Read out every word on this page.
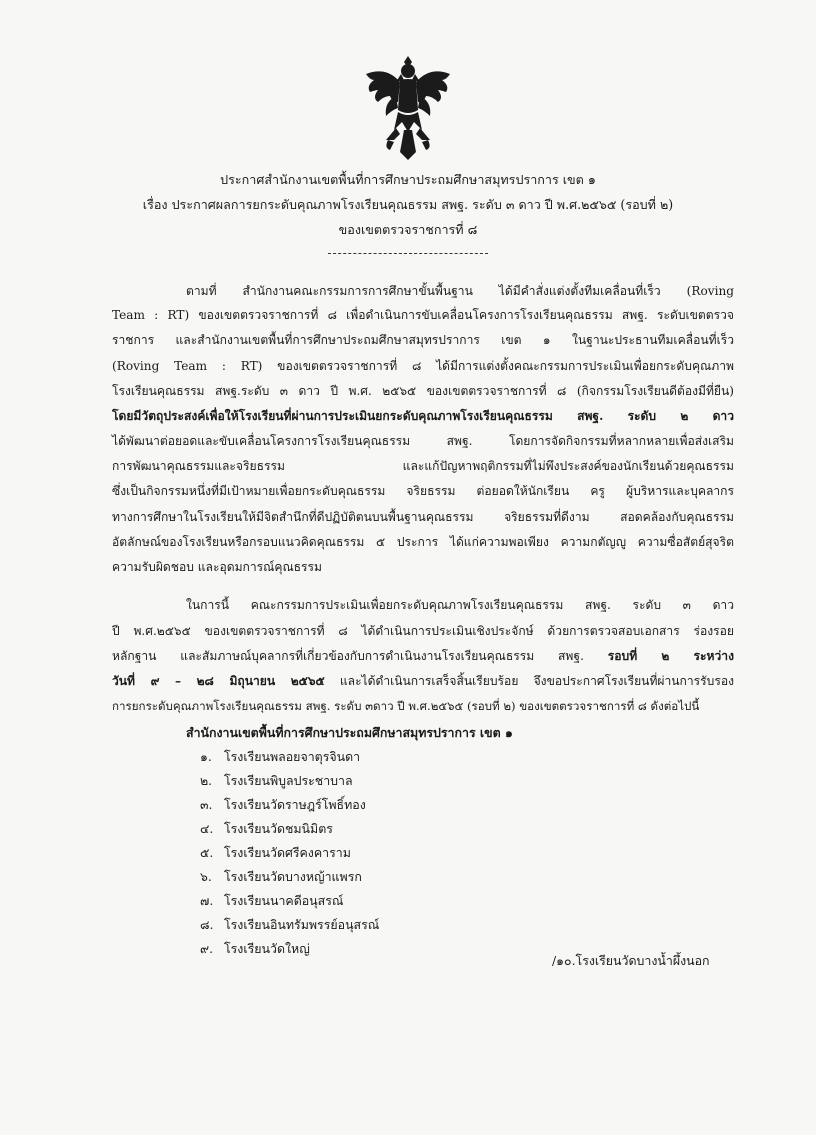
ประกาศสำนักงานเขตพื้นที่การศึกษาประถมศึกษาสมุทรปราการ เขต ๑
เรื่อง ประกาศผลการยกระดับคุณภาพโรงเรียนคุณธรรม สพฐ. ระดับ ๓ ดาว ปี พ.ศ.๒๕๖๕ (รอบที่ ๒)
ของเขตตรวจราชการที่ ๘
ตามที่ สำนักงานคณะกรรมการการศึกษาขั้นพื้นฐาน ได้มีคำสั่งแต่งตั้งทีมเคลื่อนที่เร็ว (Roving
Team : RT) ของเขตตรวจราชการที่ ๘ เพื่อดำเนินการขับเคลื่อนโครงการโรงเรียนคุณธรรม สพฐ. ระดับเขตตรวจ
ราชการ และสำนักงานเขตพื้นที่การศึกษาประถมศึกษาสมุทรปราการ เขต ๑ ในฐานะประธานทีมเคลื่อนที่เร็ว
(Roving Team : RT) ของเขตตรวจราชการที่ ๘ ได้มีการแต่งตั้งคณะกรรมการประเมินเพื่อยกระดับคุณภาพ
โรงเรียนคุณธรรม สพฐ.ระดับ ๓ ดาว ปี พ.ศ. ๒๕๖๕ ของเขตตรวจราชการที่ ๘ (กิจกรรมโรงเรียนดีต้องมีที่ยืน)
โดยมีวัตถุประสงค์เพื่อให้โรงเรียนที่ผ่านการประเมินยกระดับคุณภาพโรงเรียนคุณธรรม สพฐ. ระดับ ๒ ดาว
ได้พัฒนาต่อยอดและขับเคลื่อนโครงการโรงเรียนคุณธรรม สพฐ. โดยการจัดกิจกรรมที่หลากหลายเพื่อส่งเสริม
การพัฒนาคุณธรรมและจริยธรรม และแก้ปัญหาพฤติกรรมที่ไม่พึงประสงค์ของนักเรียนด้วยคุณธรรม
ซึ่งเป็นกิจกรรมหนึ่งที่มีเป้าหมายเพื่อยกระดับคุณธรรม จริยธรรม ต่อยอดให้นักเรียน ครู ผู้บริหารและบุคลากร
ทางการศึกษาในโรงเรียนให้มีจิตสำนึกที่ดีปฏิบัติตนบนพื้นฐานคุณธรรม จริยธรรมที่ดีงาม สอดคล้องกับคุณธรรม
อัตลักษณ์ของโรงเรียนหรือกรอบแนวคิดคุณธรรม ๕ ประการ ได้แก่ความพอเพียง ความกตัญญู ความซื่อสัตย์สุจริต
ความรับผิดชอบ และอุดมการณ์คุณธรรม
ในการนี้ คณะกรรมการประเมินเพื่อยกระดับคุณภาพโรงเรียนคุณธรรม สพฐ. ระดับ ๓ ดาว
ปี พ.ศ.๒๕๖๕ ของเขตตรวจราชการที่ ๘ ได้ดำเนินการประเมินเชิงประจักษ์ ด้วยการตรวจสอบเอกสาร ร่องรอย
หลักฐาน และสัมภาษณ์บุคลากรที่เกี่ยวข้องกับการดำเนินงานโรงเรียนคุณธรรม สพฐ. รอบที่ ๒ ระหว่าง
วันที่ ๙ – ๒๘ มิถุนายน ๒๕๖๕ และได้ดำเนินการเสร็จสิ้นเรียบร้อย จึงขอประกาศโรงเรียนที่ผ่านการรับรอง
การยกระดับคุณภาพโรงเรียนคุณธรรม สพฐ. ระดับ ๓ดาว ปี พ.ศ.๒๕๖๕ (รอบที่ ๒) ของเขตตรวจราชการที่ ๘ ดังต่อไปนี้
สำนักงานเขตพื้นที่การศึกษาประถมศึกษาสมุทรปราการ เขต ๑
๑. โรงเรียนพลอยจาตุรจินดา
๒. โรงเรียนพิบูลประชาบาล
๓. โรงเรียนวัดราษฎร์โพธิ์ทอง
๔. โรงเรียนวัดชมนิมิตร
๕. โรงเรียนวัดศรีคงคาราม
๖. โรงเรียนวัดบางหญ้าแพรก
๗. โรงเรียนนาคดีอนุสรณ์
๘. โรงเรียนอินทรัมพรรย์อนุสรณ์
๙. โรงเรียนวัดใหญ่
/๑๐.โรงเรียนวัดบางน้ำผึ้งนอก
